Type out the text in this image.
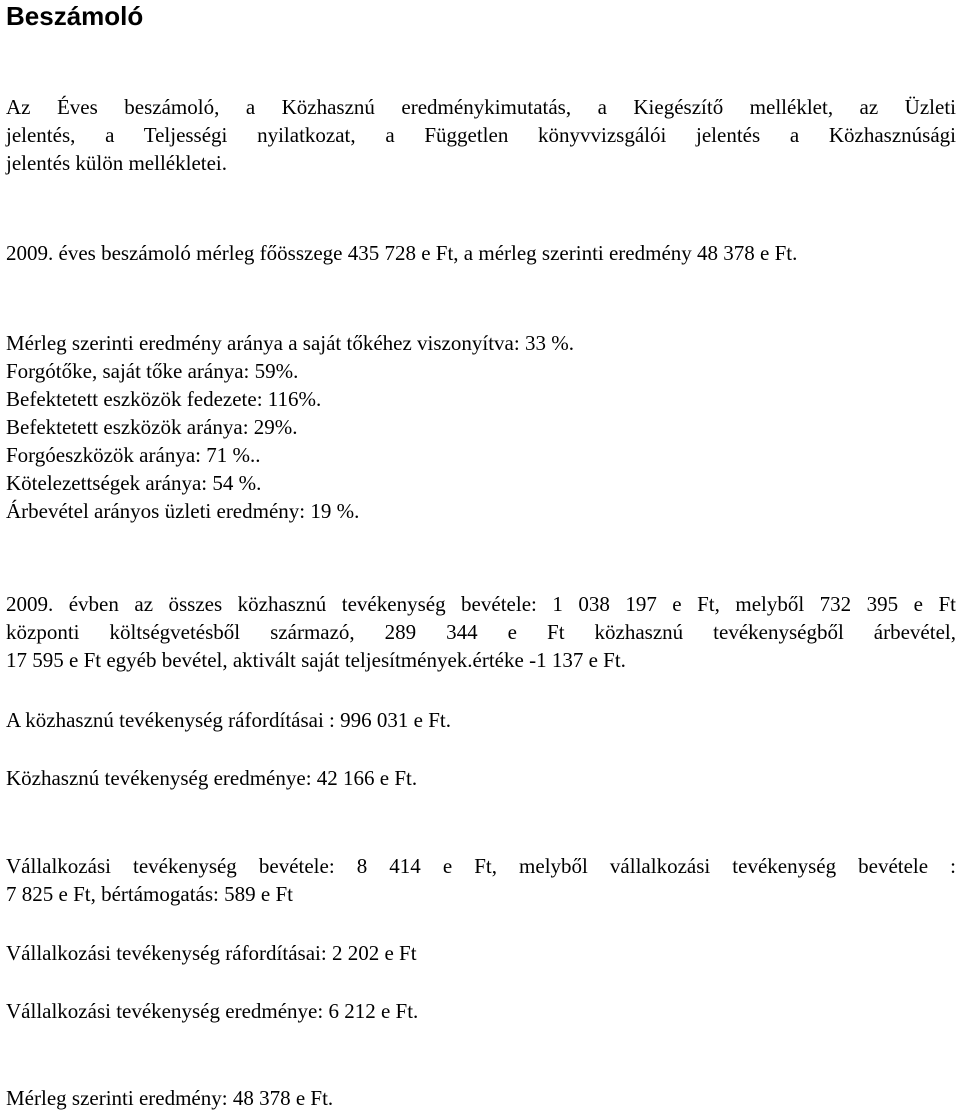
Beszámoló

Az Éves beszámoló, a Közhasznú eredménykimutatás, a Kiegészítő melléklet, az Üzleti
jelentés, a Teljességi nyilatkozat, a Független könyvvizsgálói jelentés a Közhasznúsági
jelentés külön mellékletei.

2009. éves beszámoló mérleg főösszege 435 728 e Ft, a mérleg szerinti eredmény 48 378 e Ft.

Mérleg szerinti eredmény aránya a saját tőkéhez viszonyítva: 33 %.
Forgótőke, saját tőke aránya: 59%.
Befektetett eszközök fedezete: 116%.
Befektetett eszközök aránya: 29%.
Forgóeszközök aránya: 71 %..
Kötelezettségek aránya: 54 %.
Árbevétel arányos üzleti eredmény: 19 %.

2009. évben az összes közhasznú tevékenység bevétele: 1 038 197 e Ft, melyből 732 395 e Ft
központi költségvetésből származó, 289 344 e Ft közhasznú tevékenységből árbevétel,
17 595 e Ft egyéb bevétel, aktivált saját teljesítmények.értéke -1 137 e Ft.

A közhasznú tevékenység ráfordításai : 996 031 e Ft.

Közhasznú tevékenység eredménye: 42 166 e Ft.

Vállalkozási tevékenység bevétele: 8 414 e Ft, melyből vállalkozási tevékenység bevétele :
7 825 e Ft, bértámogatás: 589 e Ft

Vállalkozási tevékenység ráfordításai: 2 202 e Ft

Vállalkozási tevékenység eredménye: 6 212 e Ft.

Mérleg szerinti eredmény: 48 378 e Ft.
